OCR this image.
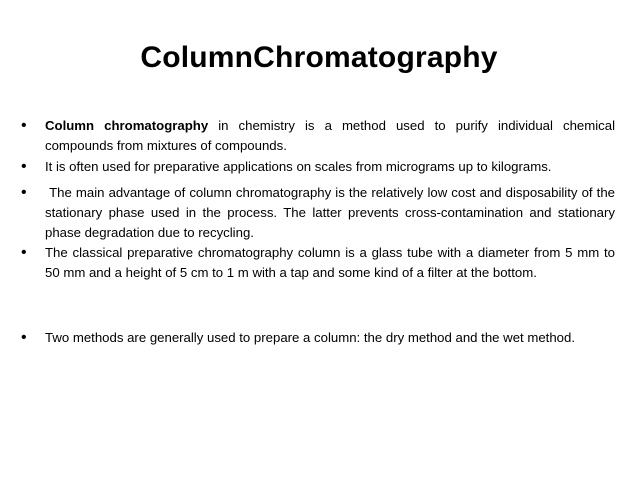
ColumnChromatography
• Column chromatography in chemistry is a method used to purify individual chemical compounds from mixtures of compounds.

• It is often used for preparative applications on scales from micrograms up to kilograms.

• The main advantage of column chromatography is the relatively low cost and disposability of the stationary phase used in the process. The latter prevents cross-contamination and stationary phase degradation due to recycling.

• The classical preparative chromatography column is a glass tube with a diameter from 5 mm to 50 mm and a height of 5 cm to 1 m with a tap and some kind of a filter at the bottom.

• Two methods are generally used to prepare a column: the dry method and the wet method.
